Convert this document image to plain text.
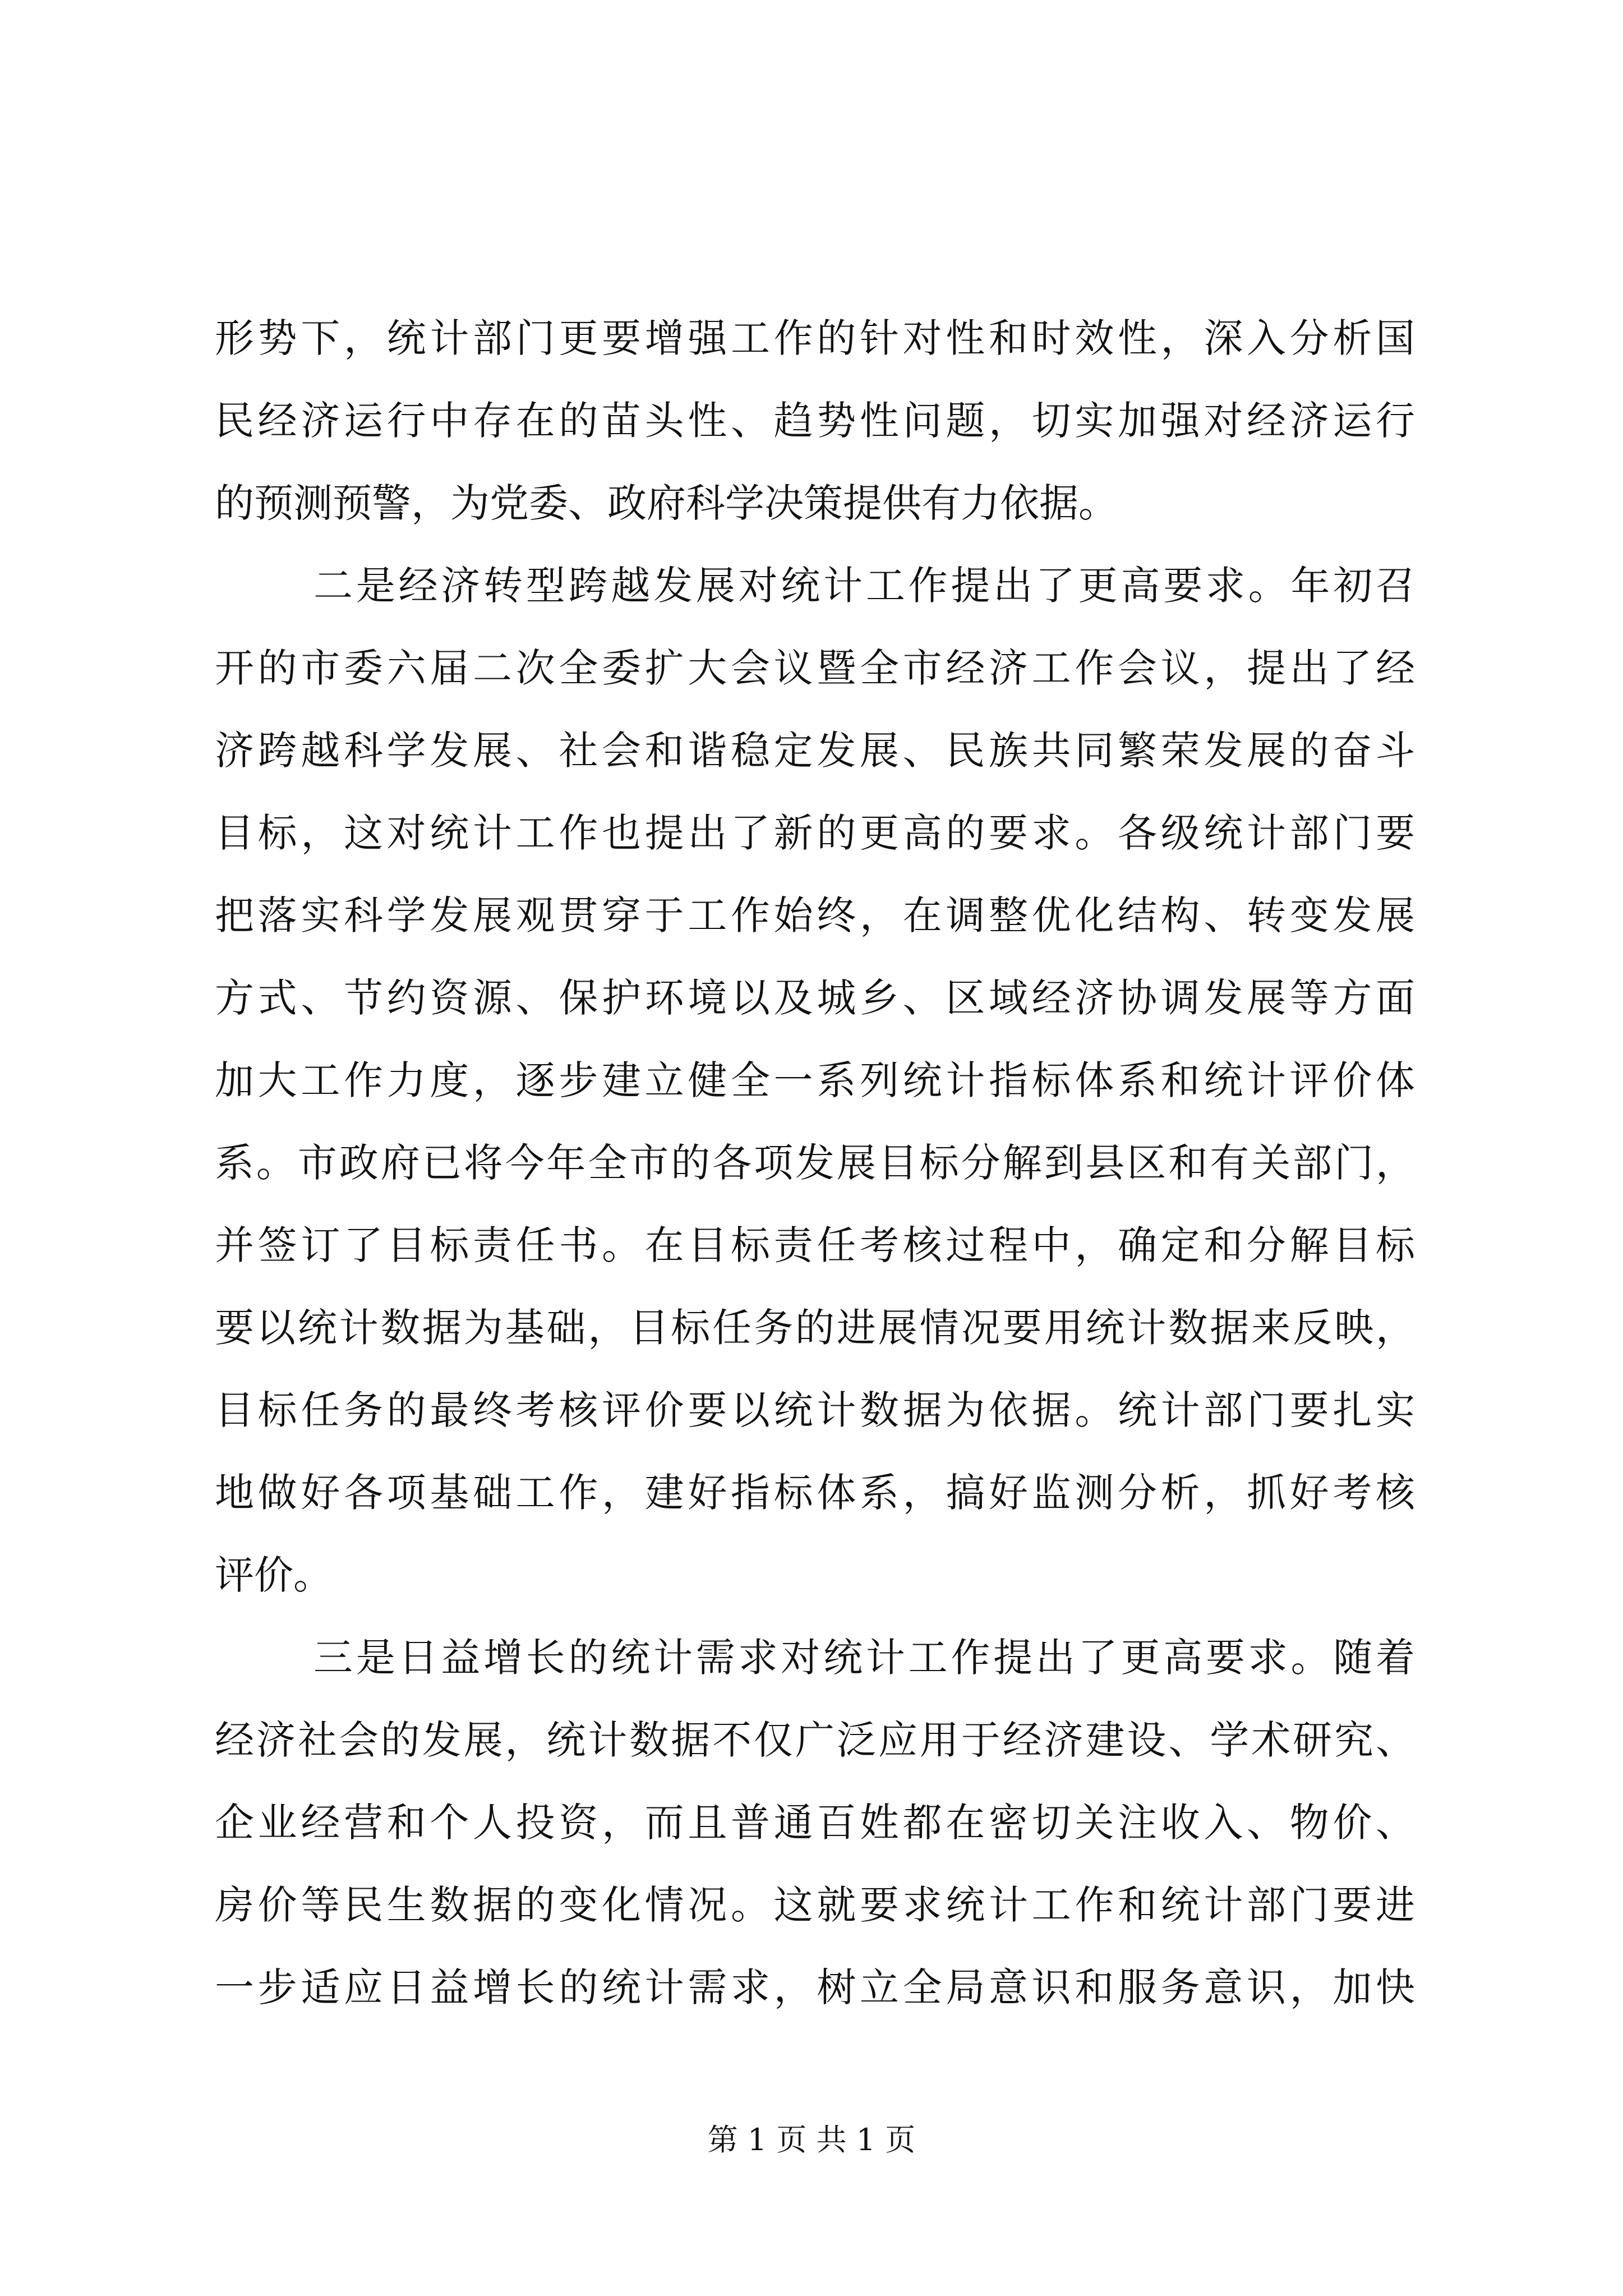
形势下，统计部门更要增强工作的针对性和时效性，深入分析国
民经济运行中存在的苗头性、趋势性问题，切实加强对经济运行
的预测预警，为党委、政府科学决策提供有力依据。
二是经济转型跨越发展对统计工作提出了更高要求。年初召
开的市委六届二次全委扩大会议暨全市经济工作会议，提出了经
济跨越科学发展、社会和谐稳定发展、民族共同繁荣发展的奋斗
目标，这对统计工作也提出了新的更高的要求。各级统计部门要
把落实科学发展观贯穿于工作始终，在调整优化结构、转变发展
方式、节约资源、保护环境以及城乡、区域经济协调发展等方面
加大工作力度，逐步建立健全一系列统计指标体系和统计评价体
系。市政府已将今年全市的各项发展目标分解到县区和有关部门，
并签订了目标责任书。在目标责任考核过程中，确定和分解目标
要以统计数据为基础，目标任务的进展情况要用统计数据来反映，
目标任务的最终考核评价要以统计数据为依据。统计部门要扎实
地做好各项基础工作，建好指标体系，搞好监测分析，抓好考核
评价。
三是日益增长的统计需求对统计工作提出了更高要求。随着
经济社会的发展，统计数据不仅广泛应用于经济建设、学术研究、
企业经营和个人投资，而且普通百姓都在密切关注收入、物价、
房价等民生数据的变化情况。这就要求统计工作和统计部门要进
一步适应日益增长的统计需求，树立全局意识和服务意识，加快
第 1 页 共 1 页
